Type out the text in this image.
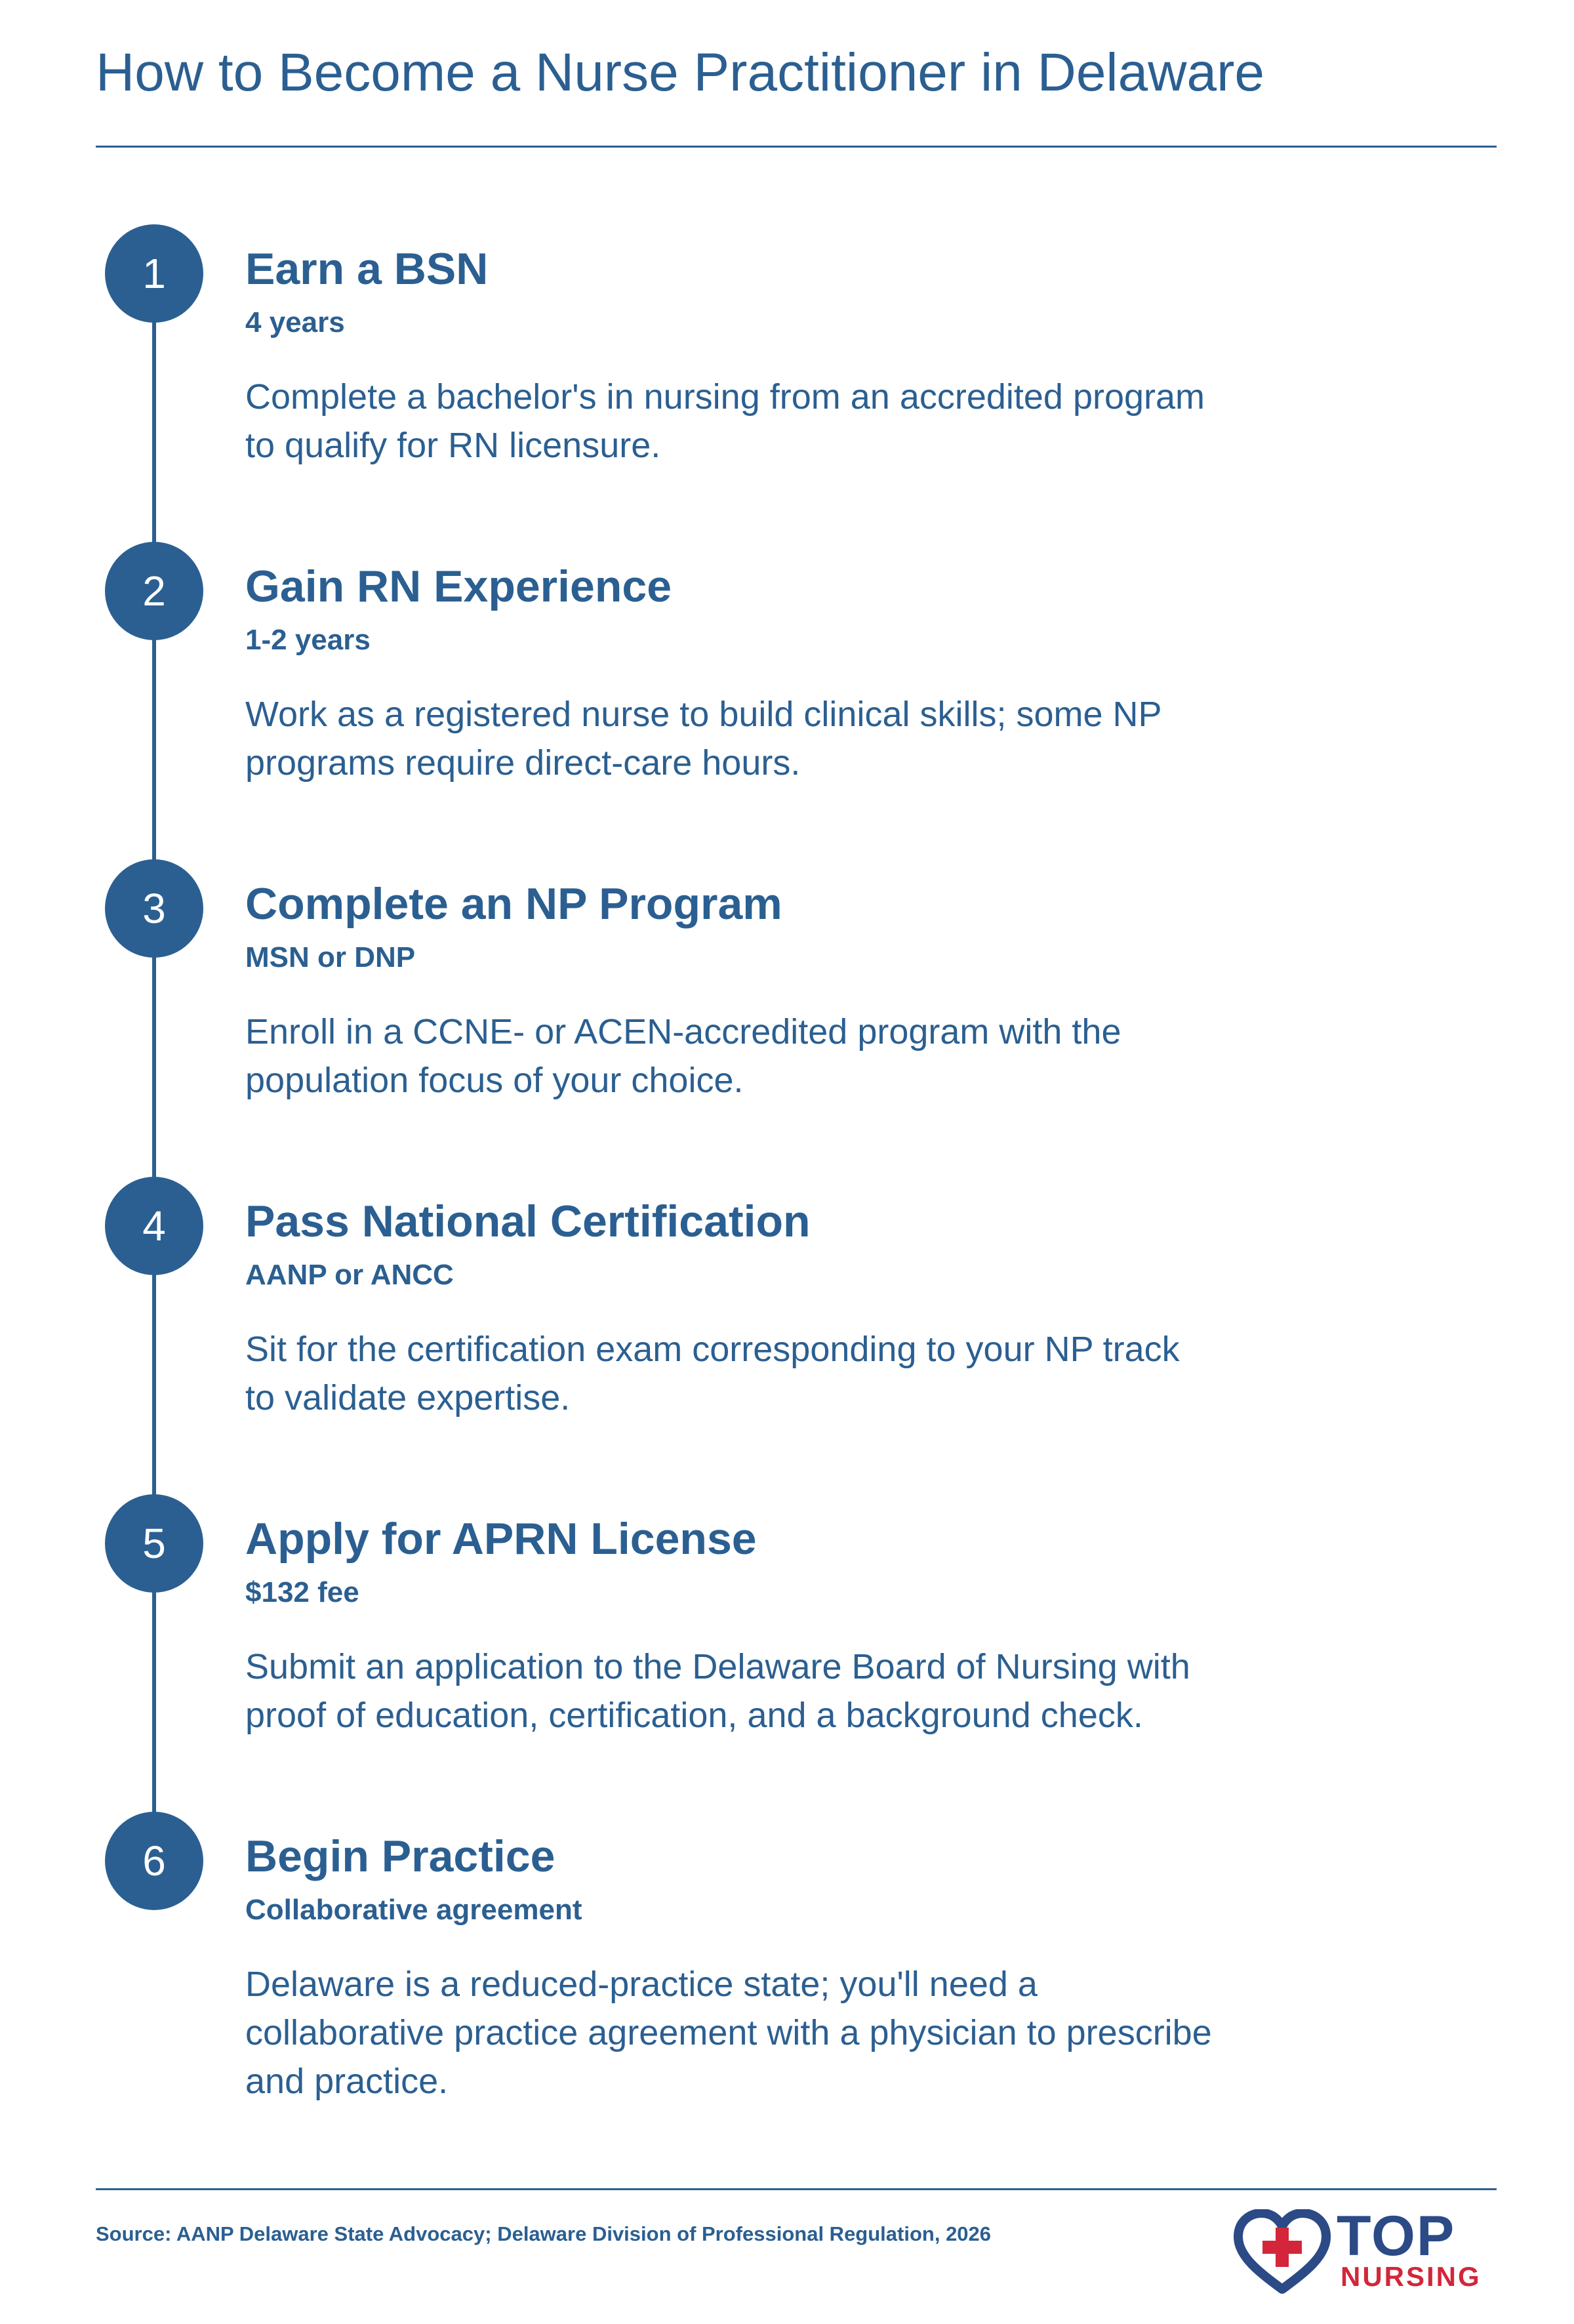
How to Become a Nurse Practitioner in Delaware
1	Earn a BSN
4 years
Complete a bachelor's in nursing from an accredited program to qualify for RN licensure.
2	Gain RN Experience
1-2 years
Work as a registered nurse to build clinical skills; some NP programs require direct-care hours.
3	Complete an NP Program
MSN or DNP
Enroll in a CCNE- or ACEN-accredited program with the population focus of your choice.
4	Pass National Certification
AANP or ANCC
Sit for the certification exam corresponding to your NP track to validate expertise.
5	Apply for APRN License
$132 fee
Submit an application to the Delaware Board of Nursing with proof of education, certification, and a background check.
6	Begin Practice
Collaborative agreement
Delaware is a reduced-practice state; you'll need a collaborative practice agreement with a physician to prescribe and practice.
Source: AANP Delaware State Advocacy; Delaware Division of Professional Regulation, 2026	TOP
NURSING
